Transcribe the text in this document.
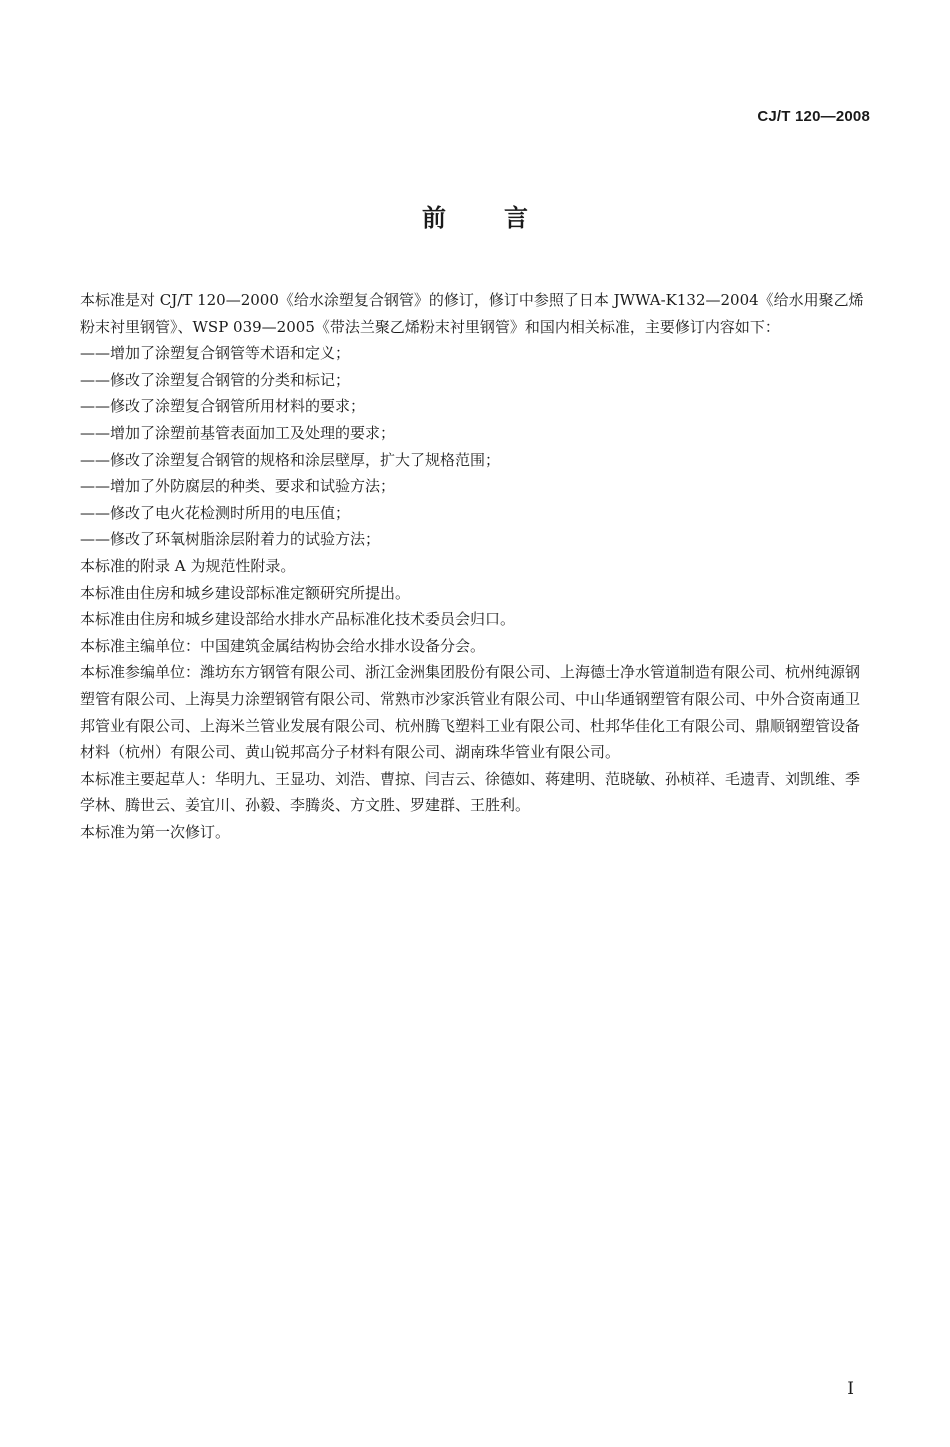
CJ/T 120—2008
前言

本标准是对 CJ/T 120—2000《给水涂塑复合钢管》的修订，修订中参照了日本 JWWA-K132—2004《给水用聚乙烯粉末衬里钢管》、WSP 039—2005《带法兰聚乙烯粉末衬里钢管》和国内相关标准，主要修订内容如下：

——增加了涂塑复合钢管等术语和定义；

——修改了涂塑复合钢管的分类和标记；

——修改了涂塑复合钢管所用材料的要求；

——增加了涂塑前基管表面加工及处理的要求；

——修改了涂塑复合钢管的规格和涂层壁厚，扩大了规格范围；

——增加了外防腐层的种类、要求和试验方法；

——修改了电火花检测时所用的电压值；

——修改了环氧树脂涂层附着力的试验方法；

本标准的附录 A 为规范性附录。

本标准由住房和城乡建设部标准定额研究所提出。

本标准由住房和城乡建设部给水排水产品标准化技术委员会归口。

本标准主编单位：中国建筑金属结构协会给水排水设备分会。

本标准参编单位：潍坊东方钢管有限公司、浙江金洲集团股份有限公司、上海德士净水管道制造有限公司、杭州纯源钢塑管有限公司、上海昊力涂塑钢管有限公司、常熟市沙家浜管业有限公司、中山华通钢塑管有限公司、中外合资南通卫邦管业有限公司、上海米兰管业发展有限公司、杭州腾飞塑料工业有限公司、杜邦华佳化工有限公司、鼎顺钢塑管设备材料（杭州）有限公司、黄山锐邦高分子材料有限公司、湖南珠华管业有限公司。

本标准主要起草人：华明九、王显功、刘浩、曹掠、闫吉云、徐德如、蒋建明、范晓敏、孙桢祥、毛遗青、刘凯维、季学林、腾世云、姜宜川、孙毅、李腾炎、方文胜、罗建群、王胜利。

本标准为第一次修订。

I
